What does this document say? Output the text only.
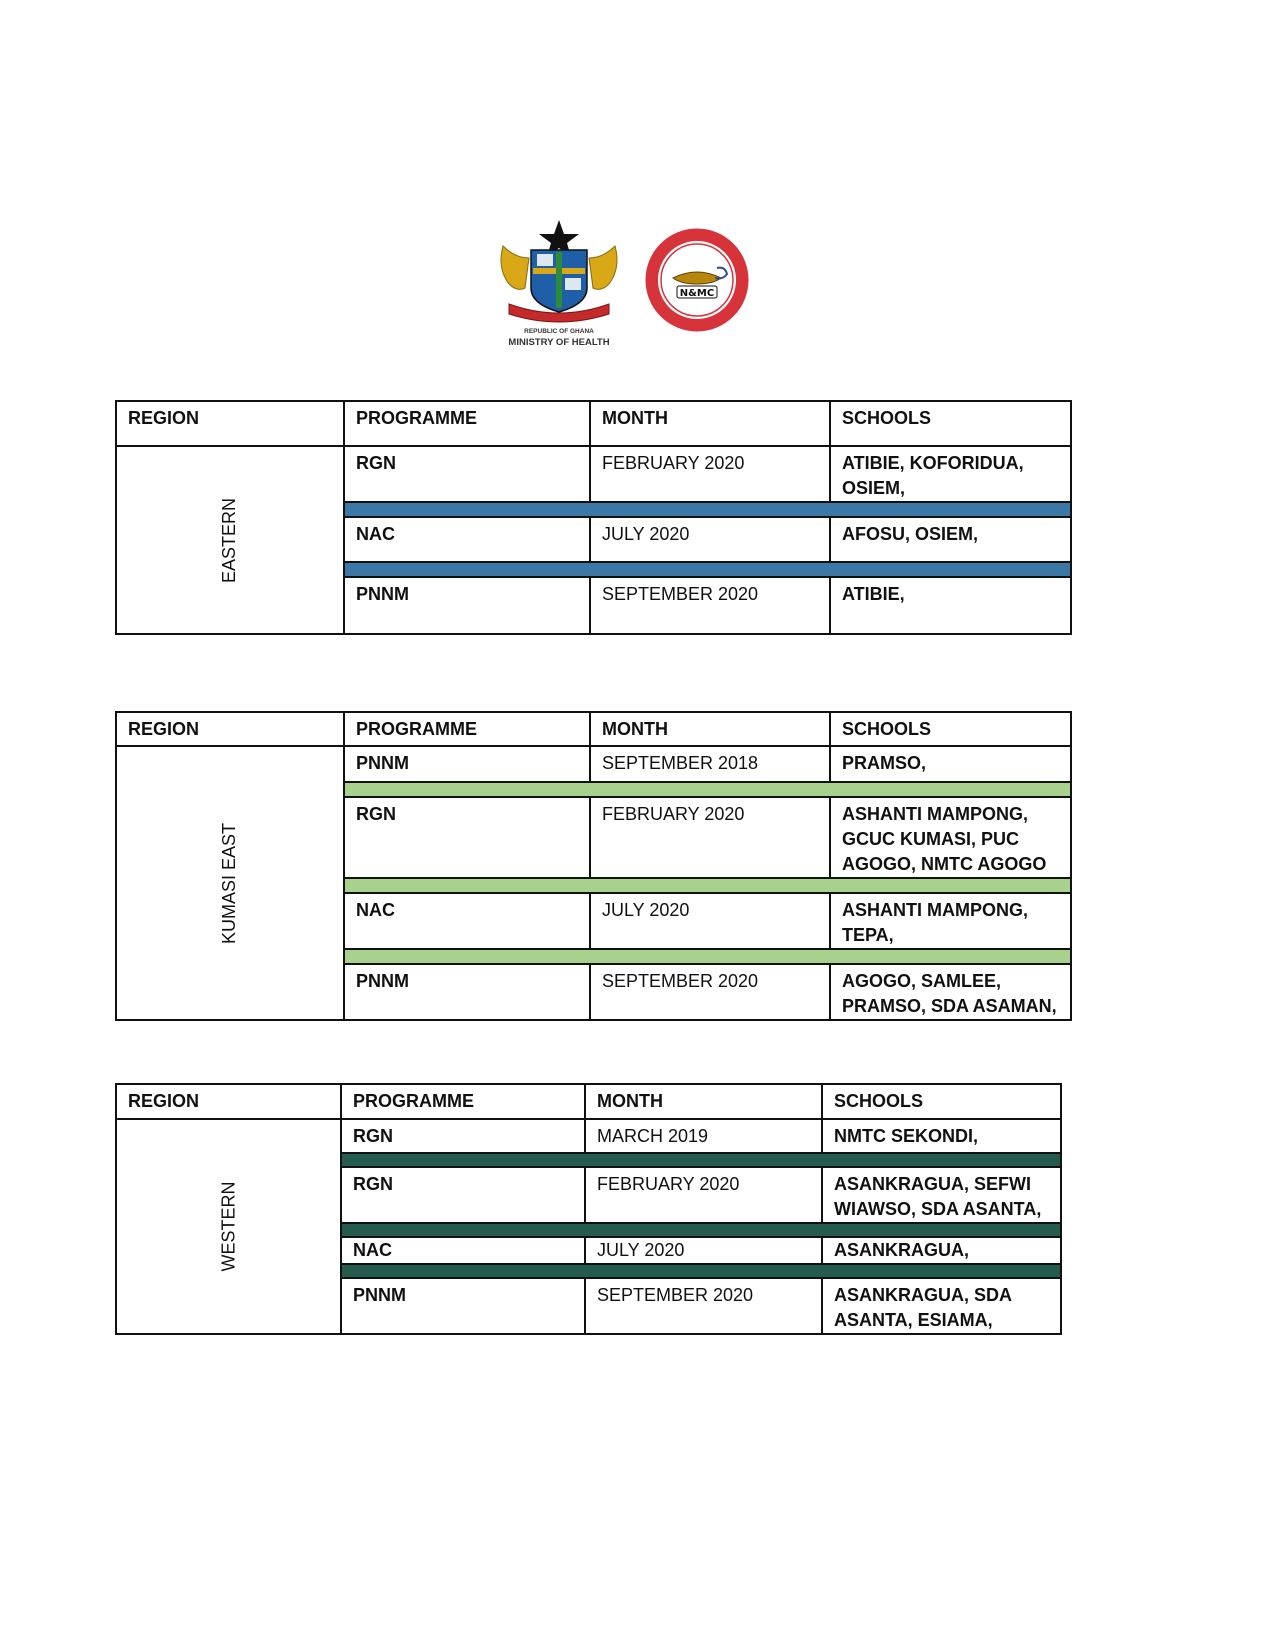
REPUBLIC OF GHANA
MINISTRY OF HEALTH
N&MC
REGION	PROGRAMME	MONTH	SCHOOLS
EASTERN	RGN	FEBRUARY 2020	ATIBIE, KOFORIDUA, OSIEM,

	NAC	JULY 2020	AFOSU, OSIEM,

	PNNM	SEPTEMBER 2020	ATIBIE,
REGION	PROGRAMME	MONTH	SCHOOLS
KUMASI EAST	PNNM	SEPTEMBER 2018	PRAMSO,

	RGN	FEBRUARY 2020	ASHANTI MAMPONG, GCUC KUMASI, PUC AGOGO, NMTC AGOGO

	NAC	JULY 2020	ASHANTI MAMPONG, TEPA,

	PNNM	SEPTEMBER 2020	AGOGO, SAMLEE, PRAMSO, SDA ASAMAN,
REGION	PROGRAMME	MONTH	SCHOOLS
WESTERN	RGN	MARCH 2019	NMTC SEKONDI,

	RGN	FEBRUARY 2020	ASANKRAGUA, SEFWI WIAWSO, SDA ASANTA,

	NAC	JULY 2020	ASANKRAGUA,

	PNNM	SEPTEMBER 2020	ASANKRAGUA, SDA ASANTA, ESIAMA,
